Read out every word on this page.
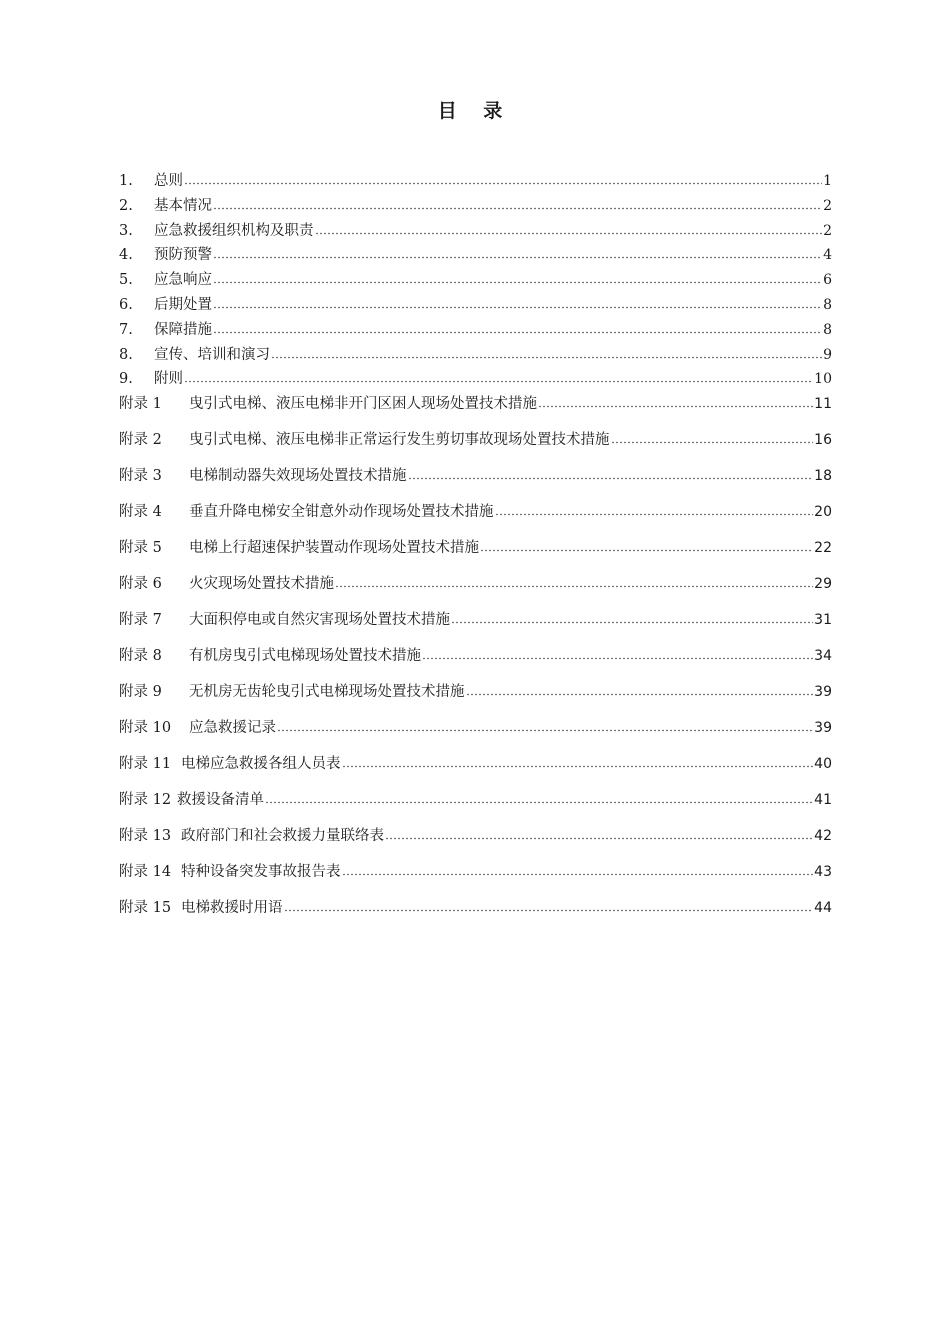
目 录
1.	总则	1
2.	基本情况	2
3.	应急救援组织机构及职责	2
4.	预防预警	4
5.	应急响应	6
6.	后期处置	8
7.	保障措施	8
8.	宣传、培训和演习	9
9.	附则	10
附录 1	曳引式电梯、液压电梯非开门区困人现场处置技术措施	11
附录 2	曳引式电梯、液压电梯非正常运行发生剪切事故现场处置技术措施	16
附录 3	电梯制动器失效现场处置技术措施	18
附录 4	垂直升降电梯安全钳意外动作现场处置技术措施	20
附录 5	电梯上行超速保护装置动作现场处置技术措施	22
附录 6	火灾现场处置技术措施	29
附录 7	大面积停电或自然灾害现场处置技术措施	31
附录 8	有机房曳引式电梯现场处置技术措施	34
附录 9	无机房无齿轮曳引式电梯现场处置技术措施	39
附录 10	应急救援记录	39
附录 11 电梯应急救援各组人员表	40
附录 12 救援设备清单	41
附录 13 政府部门和社会救援力量联络表	42
附录 14 特种设备突发事故报告表	43
附录 15 电梯救援时用语	44
